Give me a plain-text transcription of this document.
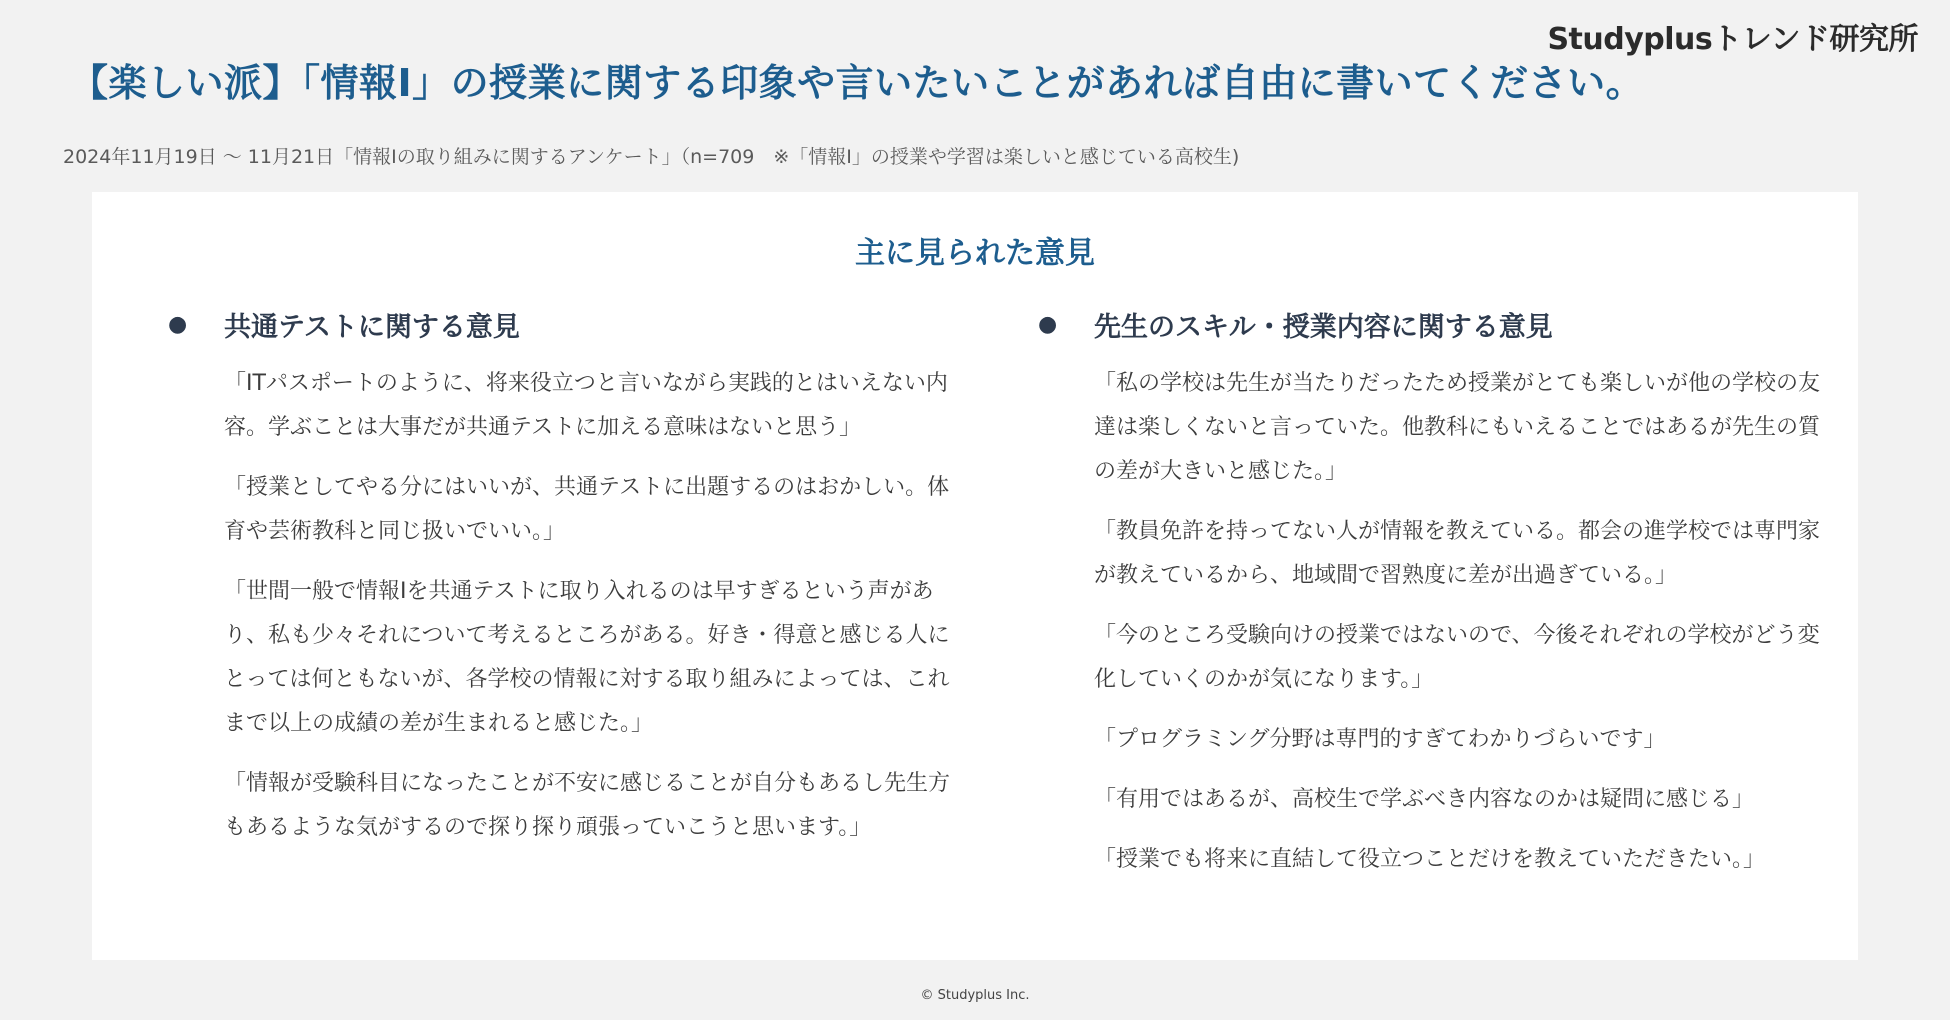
Studyplusトレンド研究所
【楽しい派】「情報Ⅰ」の授業に関する印象や言いたいことがあれば自由に書いてください。
2024年11月19日 〜 11月21日「情報Ⅰの取り組みに関するアンケート」（n=709　※「情報Ⅰ」の授業や学習は楽しいと感じている高校生)
主に見られた意見
●	共通テストに関する意見
「ITパスポートのように、将来役立つと言いながら実践的とはいえない内容。学ぶことは大事だが共通テストに加える意味はないと思う」
「授業としてやる分にはいいが、共通テストに出題するのはおかしい。体育や芸術教科と同じ扱いでいい。」
「世間一般で情報Iを共通テストに取り入れるのは早すぎるという声があり、私も少々それについて考えるところがある。好き・得意と感じる人にとっては何ともないが、各学校の情報に対する取り組みによっては、これまで以上の成績の差が生まれると感じた。」
「情報が受験科目になったことが不安に感じることが自分もあるし先生方もあるような気がするので探り探り頑張っていこうと思います。」
●	先生のスキル・授業内容に関する意見
「私の学校は先生が当たりだったため授業がとても楽しいが他の学校の友達は楽しくないと言っていた。他教科にもいえることではあるが先生の質の差が大きいと感じた。」
「教員免許を持ってない人が情報を教えている。都会の進学校では専門家が教えているから、地域間で習熟度に差が出過ぎている。」
「今のところ受験向けの授業ではないので、今後それぞれの学校がどう変化していくのかが気になります。」
「プログラミング分野は専門的すぎてわかりづらいです」
「有用ではあるが、高校生で学ぶべき内容なのかは疑問に感じる」
「授業でも将来に直結して役立つことだけを教えていただきたい。」
© Studyplus Inc.
